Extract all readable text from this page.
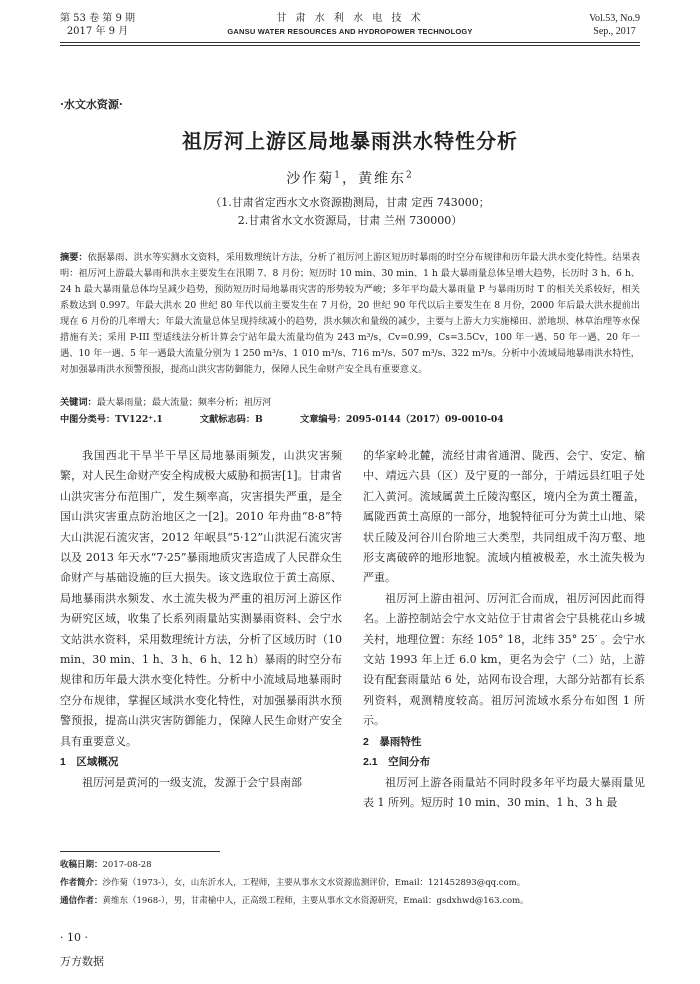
第 53 卷 第 9 期
2017 年 9 月
甘 肃 水 利 水 电 技 术
GANSU WATER RESOURCES AND HYDROPOWER TECHNOLOGY
Vol.53, No.9
Sep., 2017
·水文水资源·
祖厉河上游区局地暴雨洪水特性分析
沙作菊$^1$，黄维东$^2$
（1.甘肃省定西水文水资源勘测局，甘肃 定西 743000；
2.甘肃省水文水资源局，甘肃 兰州 730000）
摘要：依据暴雨、洪水等实测水文资料，采用数理统计方法，分析了祖厉河上游区短历时暴雨的时空分布规律和历年最大洪水变化特性。结果表明：祖厉河上游最大暴雨和洪水主要发生在汛期 7、8 月份；短历时 10 min、30 min、1 h 最大暴雨量总体呈增大趋势，长历时 3 h、6 h、24 h 最大暴雨量总体均呈减少趋势，预防短历时局地暴雨灾害的形势较为严峻；多年平均最大暴雨量 P 与暴雨历时 T 的相关关系较好，相关系数达到 0.997。年最大洪水 20 世纪 80 年代以前主要发生在 7 月份，20 世纪 90 年代以后主要发生在 8 月份，2000 年后最大洪水提前出现在 6 月份的几率增大；年最大流量总体呈现持续减小的趋势，洪水频次和量级的减少，主要与上游大力实施梯田、淤地坝、林草治理等水保措施有关；采用 P-III 型适线法分析计算会宁站年最大流量均值为 243 m³/s，Cv=0.99，Cs=3.5Cv，100 年一遇、50 年一遇、20 年一遇、10 年一遇、5 年一遇最大流量分别为 1 250 m³/s、1 010 m³/s、716 m³/s、507 m³/s、322 m³/s。分析中小流域局地暴雨洪水特性，对加强暴雨洪水预警预报，提高山洪灾害防御能力，保障人民生命财产安全具有重要意义。
关键词：最大暴雨量；最大流量；频率分析；祖厉河
中图分类号：TV122⁺.1	文献标志码：B	文章编号：2095-0144（2017）09-0010-04

我国西北干旱半干旱区局地暴雨频发，山洪灾害频繁，对人民生命财产安全构成极大威胁和损害[1]。甘肃省山洪灾害分布范围广，发生频率高，灾害損失严重，是全国山洪灾害重点防治地区之一[2]。2010 年舟曲“8·8”特大山洪泥石流灾害，2012 年岷县“5·12”山洪泥石流灾害以及 2013 年天水“7·25”暴雨地质灾害造成了人民群众生命财产与基础设施的巨大损失。该文选取位于黄土高原、局地暴雨洪水频发、水土流失极为严重的祖厉河上游区作为研究区域，收集了长系列雨量站实测暴雨资料、会宁水文站洪水资料，采用数理统计方法，分析了区域历时（10 min、30 min、1 h、3 h、6 h、12 h）暴雨的时空分布规律和历年最大洪水变化特性。分析中小流域局地暴雨时空分布规律，掌握区域洪水变化特性，对加强暴雨洪水预警预报，提高山洪灾害防御能力，保障人民生命财产安全具有重要意义。

1　区域概况

祖厉河是黄河的一级支流，发源于会宁县南部

的华家岭北麓，流经甘肃省通渭、陇西、会宁、安定、榆中、靖远六县（区）及宁夏的一部分，于靖远县红咀子处汇入黄河。流域属黄土丘陵沟壑区，境内全为黄土覆盖，属陇西黄土高原的一部分，地貌特征可分为黄土山地、梁状丘陵及河谷川台阶地三大类型，共同组成千沟万壑、地形支离破碎的地形地貌。流域内植被极差，水土流失极为严重。

祖厉河上游由祖河、厉河汇合而成，祖厉河因此而得名。上游控制站会宁水文站位于甘肃省会宁县桃花山乡城关村，地理位置：东经 105° 18，北纬 35° 25′ 。会宁水文站 1993 年上迁 6.0 km，更名为会宁（二）站，上游设有配套雨量站 6 处，站网布设合理，大部分站都有长系列资料，观测精度较高。祖厉河流域水系分布如图 1 所示。

2　暴雨特性

2.1　空间分布

祖厉河上游各雨量站不同时段多年平均最大暴雨量见表 1 所列。短历时 10 min、30 min、1 h、3 h 最

收稿日期：2017-08-28
作者简介：沙作菊（1973-），女，山东沂水人，工程师，主要从事水文水资源监测评价，Email：121452893@qq.com。
通信作者：黄维东（1968-），男，甘肃榆中人，正高级工程师，主要从事水文水资源研究，Email：gsdxhwd@163.com。
· 10 ·
万方数据
